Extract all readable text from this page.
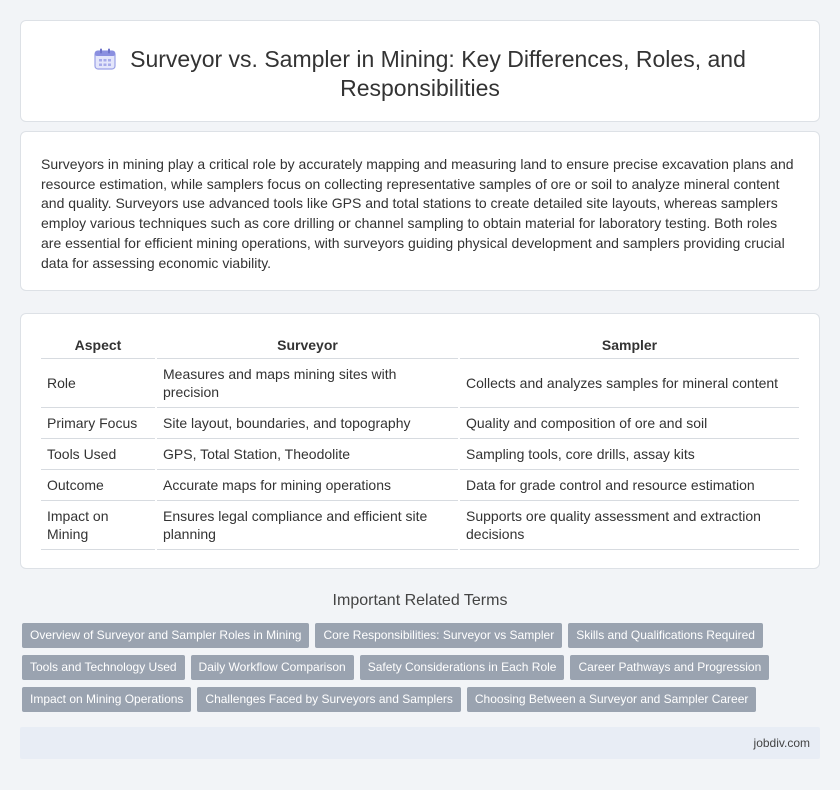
Surveyor vs. Sampler in Mining: Key Differences, Roles, and Responsibilities

Surveyors in mining play a critical role by accurately mapping and measuring land to ensure precise excavation plans and resource estimation, while samplers focus on collecting representative samples of ore or soil to analyze mineral content and quality. Surveyors use advanced tools like GPS and total stations to create detailed site layouts, whereas samplers employ various techniques such as core drilling or channel sampling to obtain material for laboratory testing. Both roles are essential for efficient mining operations, with surveyors guiding physical development and samplers providing crucial data for assessing economic viability.

Aspect	Surveyor	Sampler
Role	Measures and maps mining sites with precision	Collects and analyzes samples for mineral content
Primary Focus	Site layout, boundaries, and topography	Quality and composition of ore and soil
Tools Used	GPS, Total Station, Theodolite	Sampling tools, core drills, assay kits
Outcome	Accurate maps for mining operations	Data for grade control and resource estimation
Impact on Mining	Ensures legal compliance and efficient site planning	Supports ore quality assessment and extraction decisions
Important Related Terms
Overview of Surveyor and Sampler Roles in Mining Core Responsibilities: Surveyor vs Sampler Skills and Qualifications Required
Tools and Technology Used Daily Workflow Comparison Safety Considerations in Each Role Career Pathways and Progression
Impact on Mining Operations Challenges Faced by Surveyors and Samplers Choosing Between a Surveyor and Sampler Career
jobdiv.com
